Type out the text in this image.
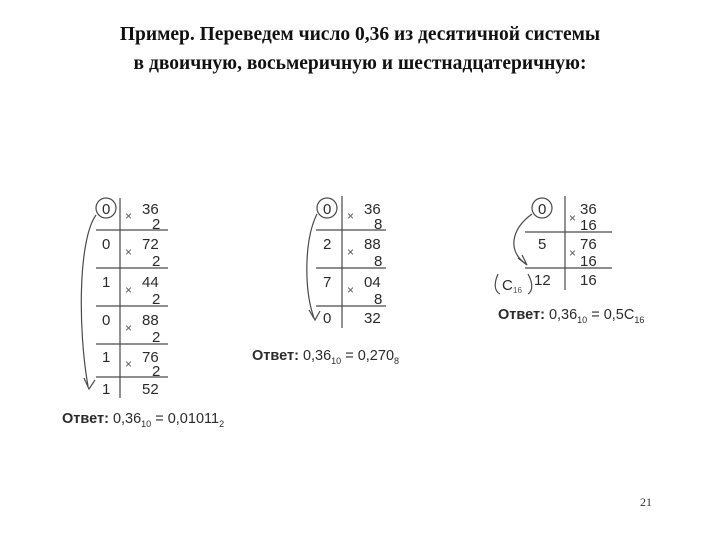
Пример. Переведем число 0,36 из десятичной системы
в двоичную, восьмеричную и шестнадцатеричную:
0 36
× 2
0 72
×
2
1 44
×
2
0 88
×
2
1 76
× 2
1 52
0 36
× 8
2 88
×
8
7 04
×
8
0 32
0 36
× 16
5 76
× 16
12 16
C 16
Ответ: $0,36_{10} = 0,01011_2$
Ответ: $0,36_{10} = 0,270_8$
Ответ: $0,36_{10} = 0,5C_{16}$
21
